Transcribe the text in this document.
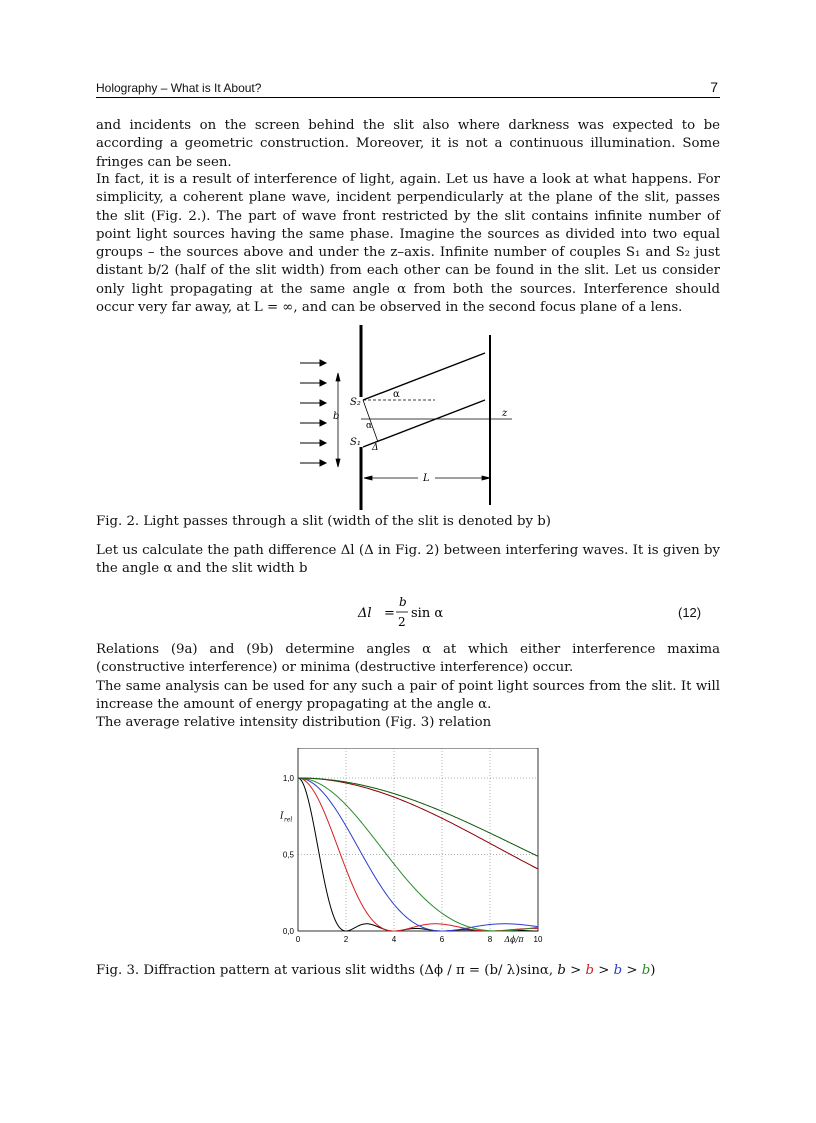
Holography – What is It About?	7
and incidents on the screen behind the slit also where darkness was expected to be according a geometric construction. Moreover, it is not a continuous illumination. Some fringes can be seen.
In fact, it is a result of interference of light, again. Let us have a look at what happens. For simplicity, a coherent plane wave, incident perpendicularly at the plane of the slit, passes the slit (Fig. 2.). The part of wave front restricted by the slit contains infinite number of point light sources having the same phase. Imagine the sources as divided into two equal groups – the sources above and under the z–axis. Infinite number of couples S₁ and S₂ just distant b/2 (half of the slit width) from each other can be found in the slit. Let us consider only light propagating at the same angle α from both the sources. Interference should occur very far away, at L = ∞, and can be observed in the second focus plane of a lens.
S₂
S₁
b
α
α
Δ
z
L
Fig. 2. Light passes through a slit (width of the slit is denoted by b)
Let us calculate the path difference Δl (Δ in Fig. 2) between interfering waves. It is given by the angle α and the slit width b
Δl =
b
2
sin α	(12)
Relations (9a) and (9b) determine angles α at which either interference maxima (constructive interference) or minima (destructive interference) occur.
The same analysis can be used for any such a pair of point light sources from the slit. It will increase the amount of energy propagating at the angle α.
The average relative intensity distribution (Fig. 3) relation
0	2	4	6	8	10
0,0
0,5
1,0
I rel
Δϕ/π
Fig. 3. Diffraction pattern at various slit widths (Δϕ / π = (b/ λ)sinα, b > b > b > b)
